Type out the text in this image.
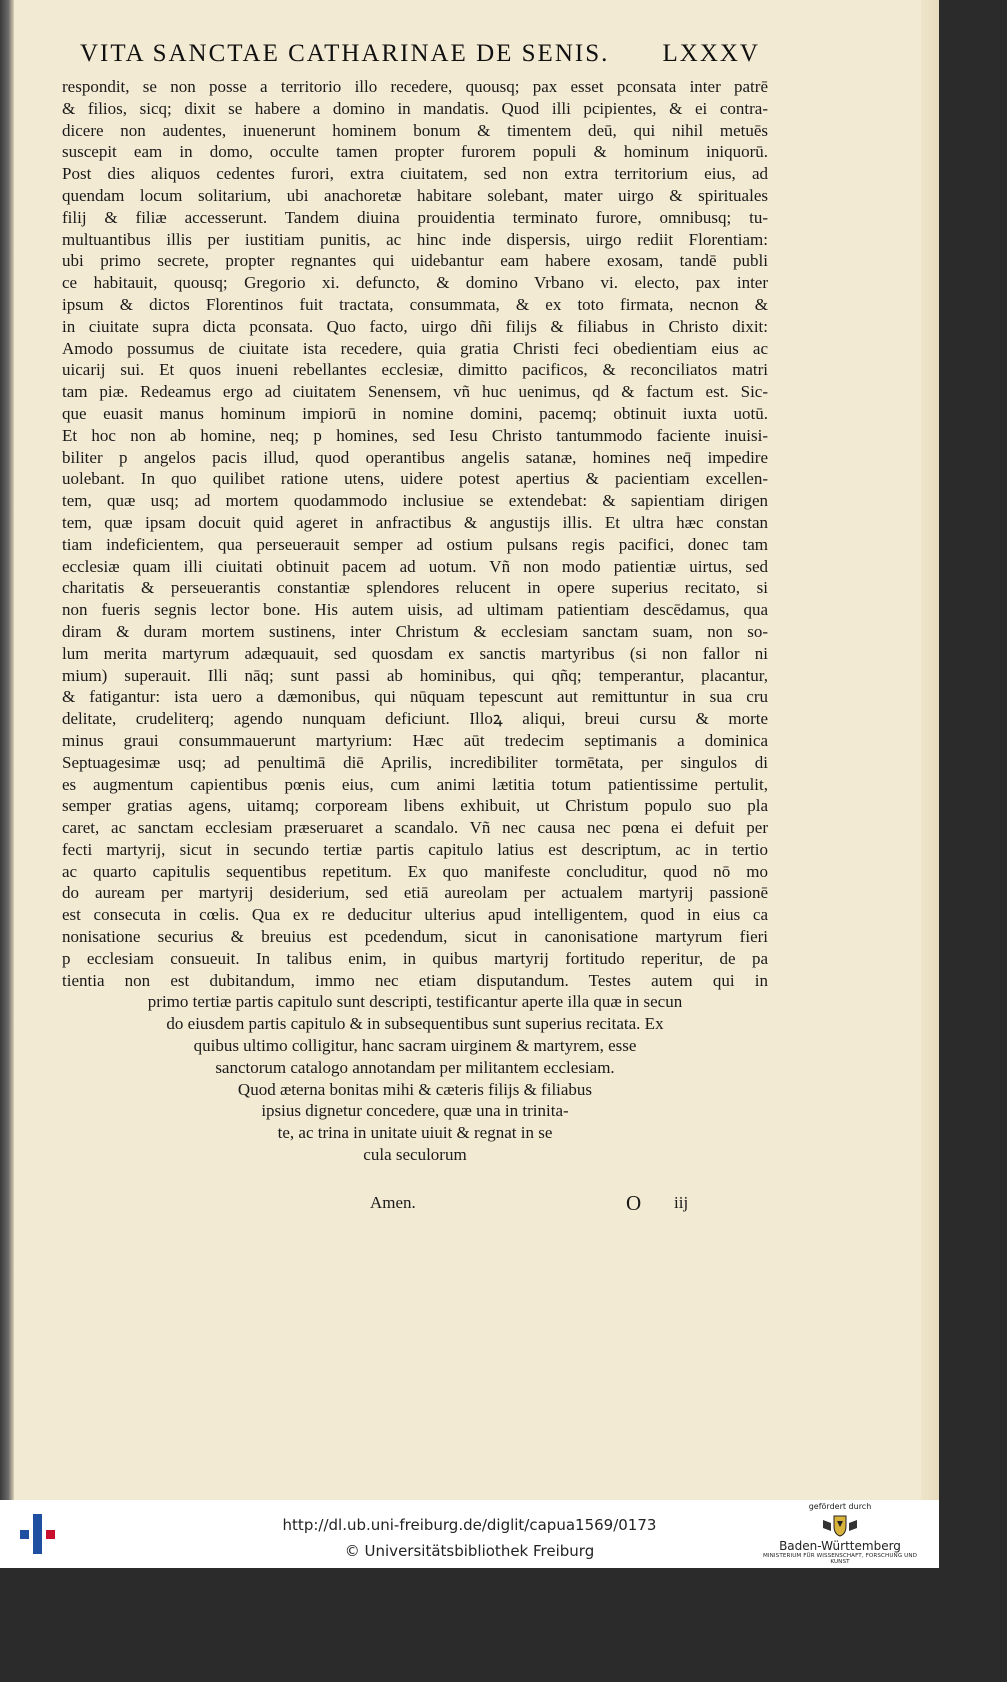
VITA SANCTAE CATHARINAE DE SENIS. LXXXV
respondit, se non posse a territorio illo recedere, quousq; pax esset pconsata inter patrē
& filios, sicq; dixit se habere a domino in mandatis. Quod illi pcipientes, & ei contra-
dicere non audentes, inuenerunt hominem bonum & timentem deū, qui nihil metuēs
suscepit eam in domo, occulte tamen propter furorem populi & hominum iniquorū.
Post dies aliquos cedentes furori, extra ciuitatem, sed non extra territorium eius, ad
quendam locum solitarium, ubi anachoretæ habitare solebant, mater uirgo & spirituales
filij & filiæ accesserunt. Tandem diuina prouidentia terminato furore, omnibusq; tu-
multuantibus illis per iustitiam punitis, ac hinc inde dispersis, uirgo rediit Florentiam:
ubi primo secrete, propter regnantes qui uidebantur eam habere exosam, tandē publi
ce habitauit, quousq; Gregorio xi. defuncto, & domino Vrbano vi. electo, pax inter
ipsum & dictos Florentinos fuit tractata, consummata, & ex toto firmata, necnon &
in ciuitate supra dicta pconsata. Quo facto, uirgo dñi filijs & filiabus in Christo dixit:
Amodo possumus de ciuitate ista recedere, quia gratia Christi feci obedientiam eius ac
uicarij sui. Et quos inueni rebellantes ecclesiæ, dimitto pacificos, & reconciliatos matri
tam piæ. Redeamus ergo ad ciuitatem Senensem, vñ huc uenimus, qd & factum est. Sic-
que euasit manus hominum impiorū in nomine domini, pacemq; obtinuit iuxta uotū.
Et hoc non ab homine, neq; p homines, sed Iesu Christo tantummodo faciente inuisi-
biliter p angelos pacis illud, quod operantibus angelis satanæ, homines neq̄ impedire
uolebant. In quo quilibet ratione utens, uidere potest apertius & pacientiam excellen-
tem, quæ usq; ad mortem quodammodo inclusiue se extendebat: & sapientiam dirigen
tem, quæ ipsam docuit quid ageret in anfractibus & angustijs illis. Et ultra hæc constan
tiam indeficientem, qua perseuerauit semper ad ostium pulsans regis pacifici, donec tam
ecclesiæ quam illi ciuitati obtinuit pacem ad uotum. Vñ non modo patientiæ uirtus, sed
charitatis & perseuerantis constantiæ splendores relucent in opere superius recitato, si
non fueris segnis lector bone. His autem uisis, ad ultimam patientiam descēdamus, qua
diram & duram mortem sustinens, inter Christum & ecclesiam sanctam suam, non so-
lum merita martyrum adæquauit, sed quosdam ex sanctis martyribus (si non fallor ni
mium) superauit. Illi nāq; sunt passi ab hominibus, qui qñq; temperantur, placantur,
& fatigantur: ista uero a dæmonibus, qui nūquam tepescunt aut remittuntur in sua cru
delitate, crudeliterq; agendo nunquam deficiunt. Illoꝝ aliqui, breui cursu & morte
minus graui consummauerunt martyrium: Hæc aūt tredecim septimanis a dominica
Septuagesimæ usq; ad penultimā diē Aprilis, incredibiliter tormētata, per singulos di
es augmentum capientibus pœnis eius, cum animi lætitia totum patientissime pertulit,
semper gratias agens, uitamq; corpoream libens exhibuit, ut Christum populo suo pla
caret, ac sanctam ecclesiam præseruaret a scandalo. Vñ nec causa nec pœna ei defuit per
fecti martyrij, sicut in secundo tertiæ partis capitulo latius est descriptum, ac in tertio
ac quarto capitulis sequentibus repetitum. Ex quo manifeste concluditur, quod nō mo
do auream per martyrij desiderium, sed etiā aureolam per actualem martyrij passionē
est consecuta in cœlis. Qua ex re deducitur ulterius apud intelligentem, quod in eius ca
nonisatione securius & breuius est pcedendum, sicut in canonisatione martyrum fieri
p ecclesiam consueuit. In talibus enim, in quibus martyrij fortitudo reperitur, de pa
tientia non est dubitandum, immo nec etiam disputandum. Testes autem qui in
primo tertiæ partis capitulo sunt descripti, testificantur aperte illa quæ in secun
do eiusdem partis capitulo & in subsequentibus sunt superius recitata. Ex
quibus ultimo colligitur, hanc sacram uirginem & martyrem, esse
sanctorum catalogo annotandam per militantem ecclesiam.
Quod æterna bonitas mihi & cæteris filijs & filiabus
ipsius dignetur concedere, quæ una in trinita-
te, ac trina in unitate uiuit & regnat in se
cula seculorum
Amen.	O iij
http://dl.ub.uni-freiburg.de/diglit/capua1569/0173
© Universitätsbibliothek Freiburg
gefördert durch
Baden-Württemberg
MINISTERIUM FÜR WISSENSCHAFT, FORSCHUNG UND KUNST
